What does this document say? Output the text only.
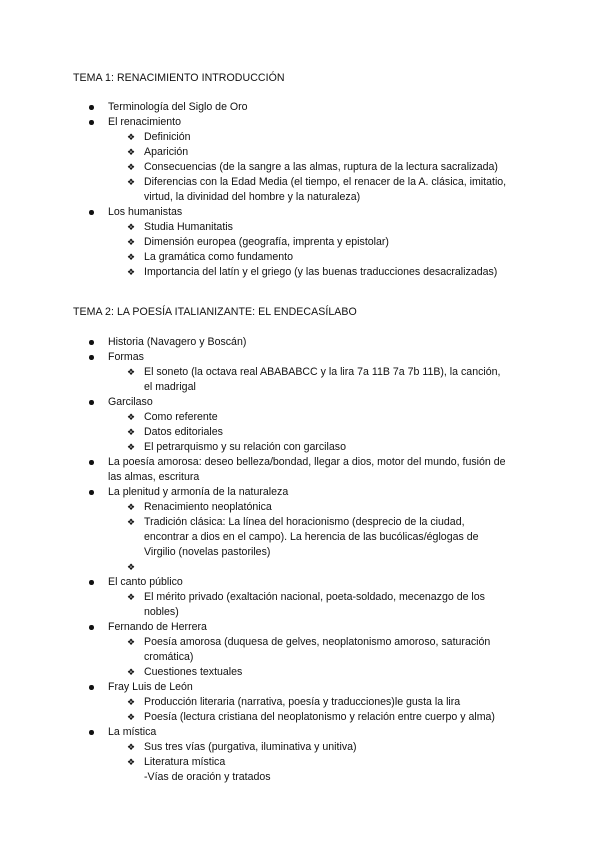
TEMA 1: RENACIMIENTO INTRODUCCIÓN
Terminología del Siglo de Oro
El renacimiento
❖ Definición
❖ Aparición
❖ Consecuencias (de la sangre a las almas, ruptura de la lectura sacralizada)
❖ Diferencias con la Edad Media (el tiempo, el renacer de la A. clásica, imitatio,
virtud, la divinidad del hombre y la naturaleza)
Los humanistas
❖ Studia Humanitatis
❖ Dimensión europea (geografía, imprenta y epistolar)
❖ La gramática como fundamento
❖ Importancia del latín y el griego (y las buenas traducciones desacralizadas)
TEMA 2: LA POESÍA ITALIANIZANTE: EL ENDECASÍLABO
Historia (Navagero y Boscán)
Formas
❖ El soneto (la octava real ABABABCC y la lira 7a 11B 7a 7b 11B), la canción,
el madrigal
Garcilaso
❖ Como referente
❖ Datos editoriales
❖ El petrarquismo y su relación con garcilaso
La poesía amorosa: deseo belleza/bondad, llegar a dios, motor del mundo, fusión de
las almas, escritura
La plenitud y armonía de la naturaleza
❖ Renacimiento neoplatónica
❖ Tradición clásica: La línea del horacionismo (desprecio de la ciudad,
encontrar a dios en el campo). La herencia de las bucólicas/églogas de
Virgilio (novelas pastoriles)
❖
El canto público
❖ El mérito privado (exaltación nacional, poeta-soldado, mecenazgo de los
nobles)
Fernando de Herrera
❖ Poesía amorosa (duquesa de gelves, neoplatonismo amoroso, saturación
cromática)
❖ Cuestiones textuales
Fray Luis de León
❖ Producción literaria (narrativa, poesía y traducciones)le gusta la lira
❖ Poesía (lectura cristiana del neoplatonismo y relación entre cuerpo y alma)
La mística
❖ Sus tres vías (purgativa, iluminativa y unitiva)
❖ Literatura mística
-Vías de oración y tratados
